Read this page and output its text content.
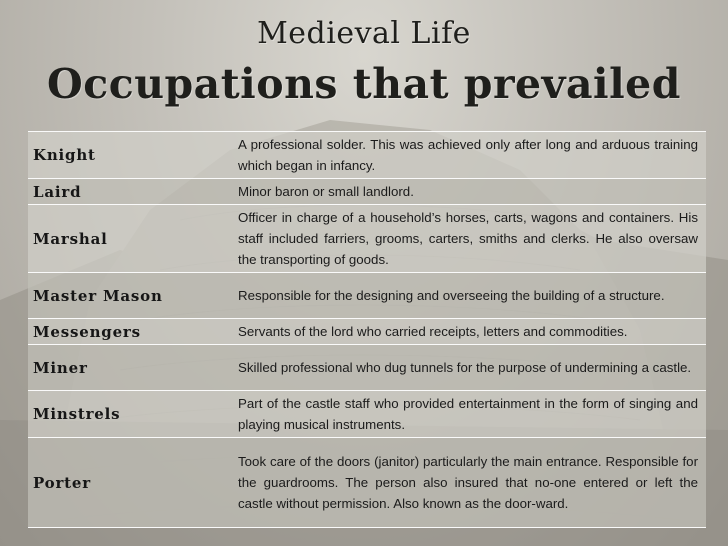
Medieval Life
Occupations that prevailed
Knight	A professional solder. This was achieved only after long and arduous training which began in infancy.
Laird	Minor baron or small landlord.
Marshal	Officer in charge of a household’s horses, carts, wagons and containers. His staff included farriers, grooms, carters, smiths and clerks. He also oversaw the transporting of goods.
Master Mason	Responsible for the designing and overseeing the building of a structure.
Messengers	Servants of the lord who carried receipts, letters and commodities.
Miner	Skilled professional who dug tunnels for the purpose of undermining a castle.
Minstrels	Part of the castle staff who provided entertainment in the form of singing and playing musical instruments.
Porter	Took care of the doors (janitor) particularly the main entrance. Responsible for the guardrooms. The person also insured that no-one entered or left the castle without permission. Also known as the door-ward.
